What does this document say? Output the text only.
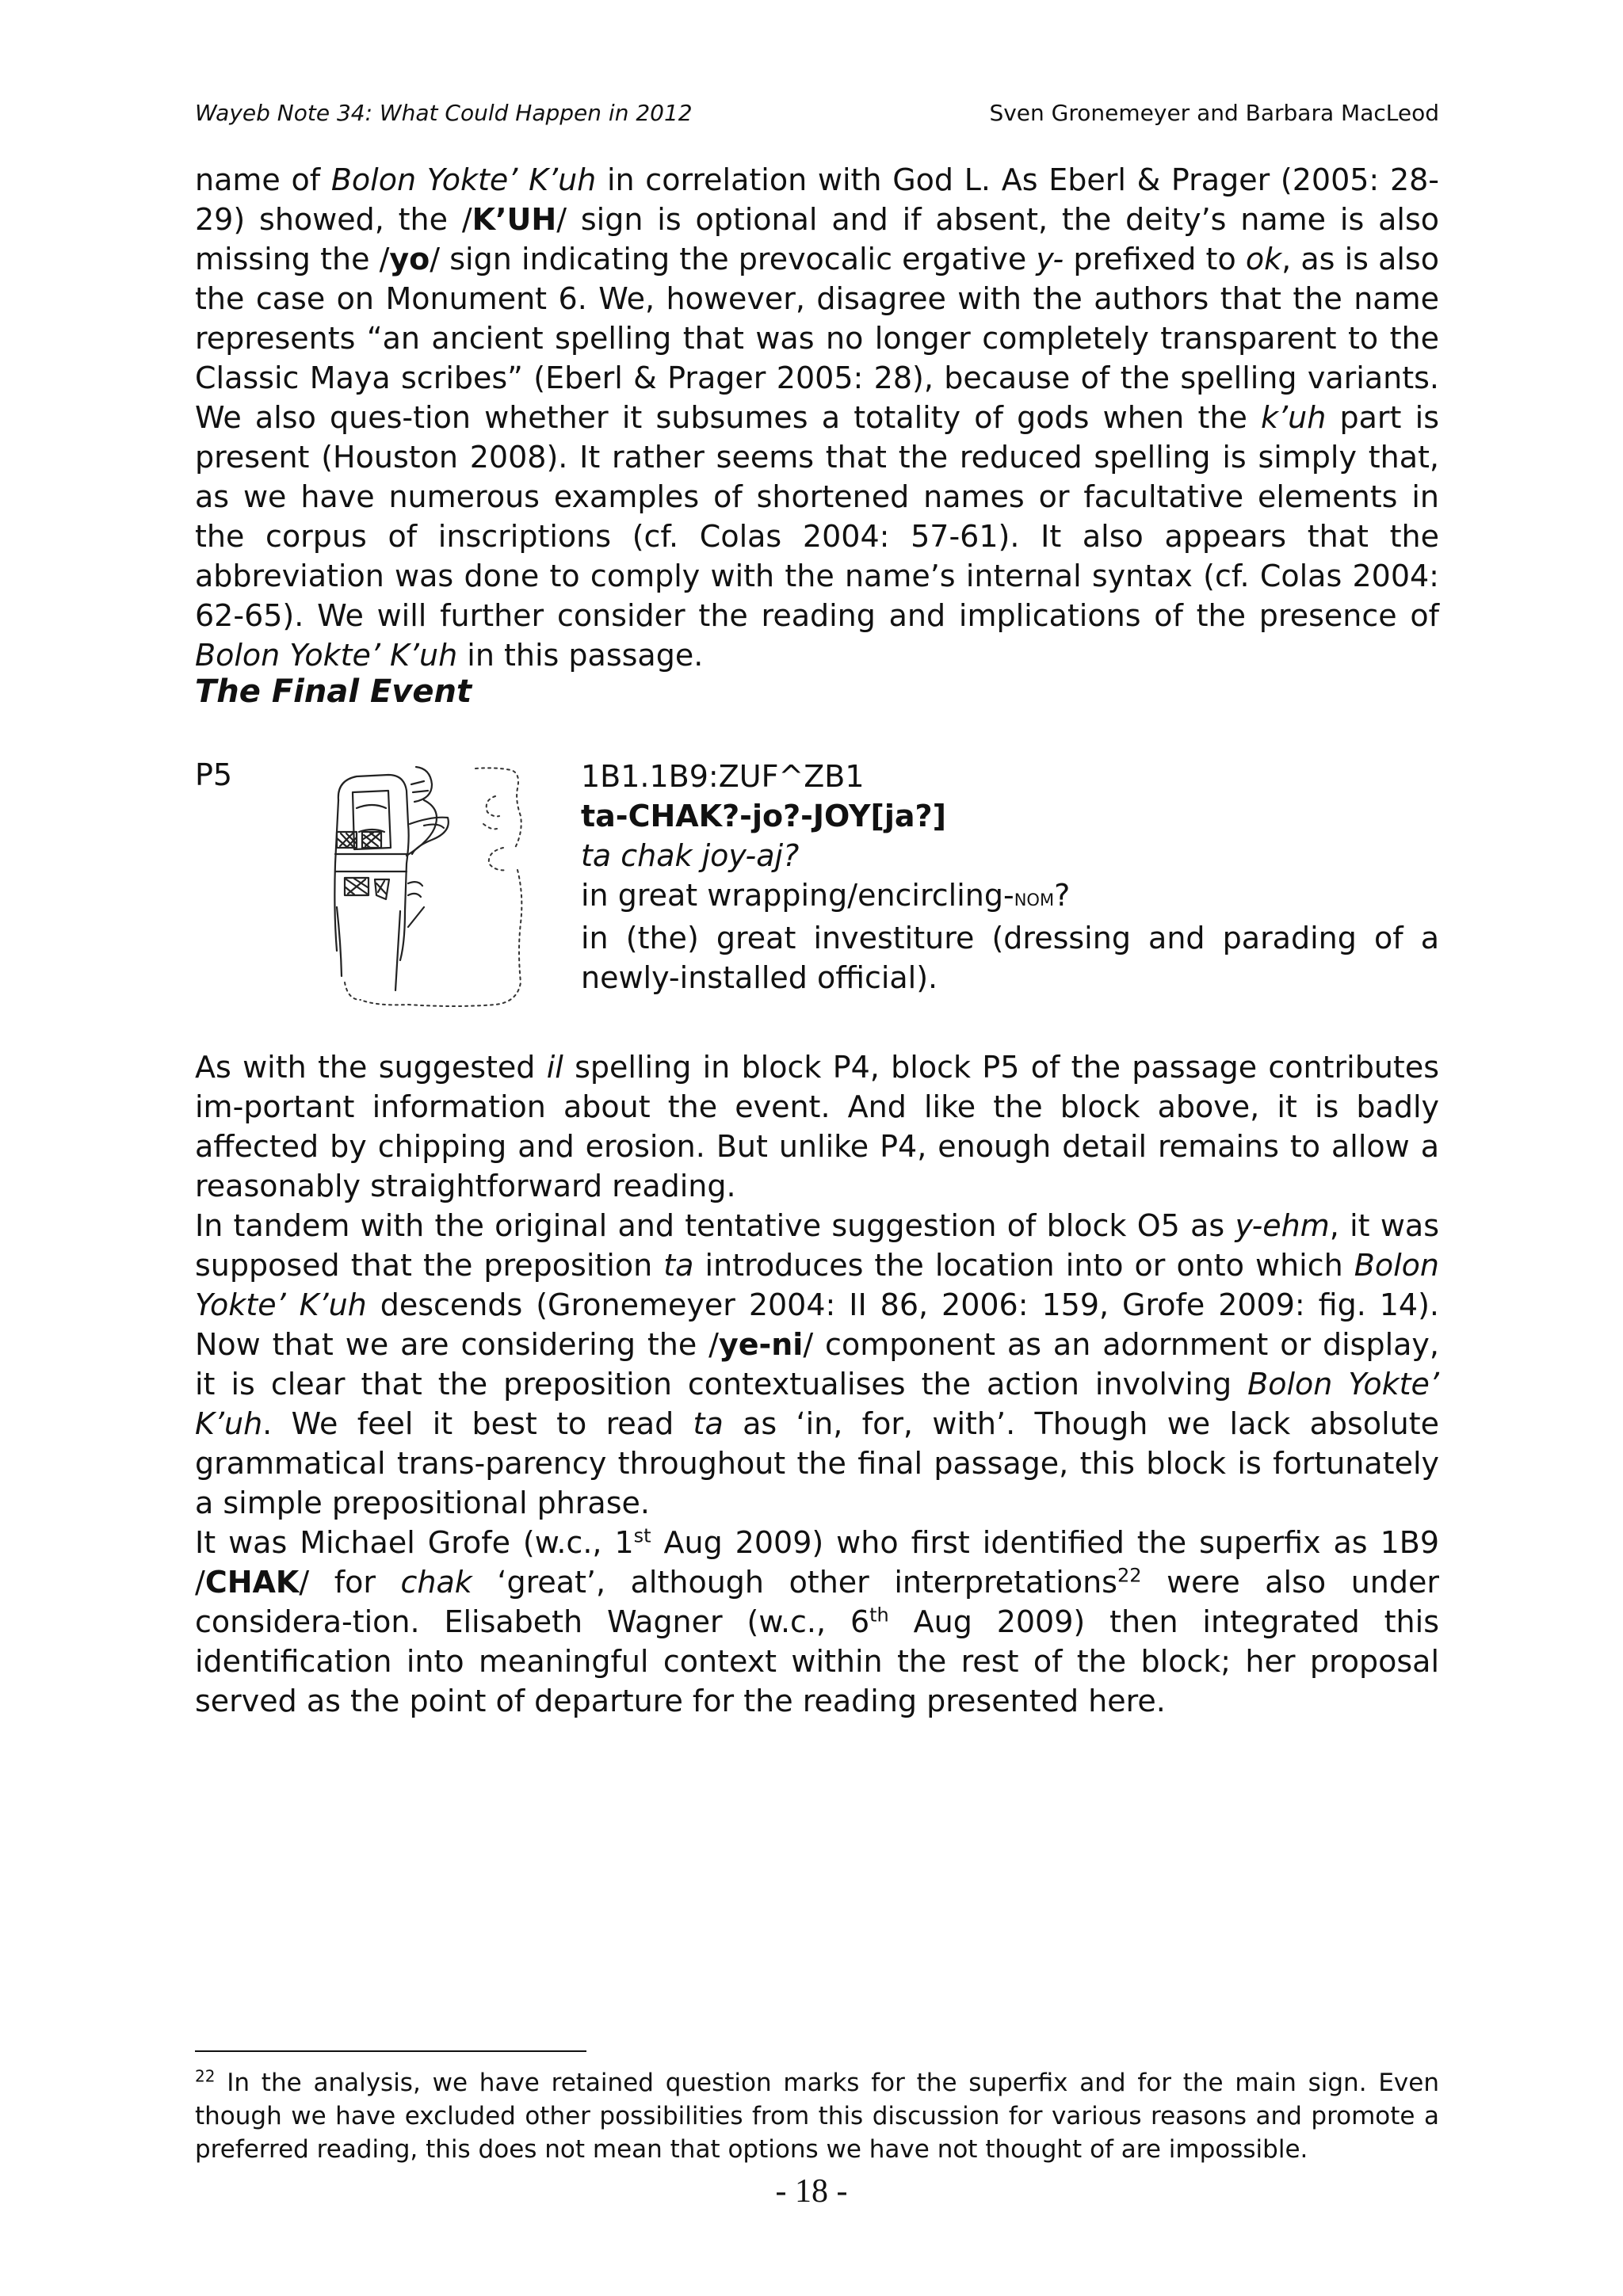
Wayeb Note 34: What Could Happen in 2012	Sven Gronemeyer and Barbara MacLeod

name of Bolon Yokte’ K’uh in correlation with God L. As Eberl & Prager (2005: 28-29) showed, the /K’UH/ sign is optional and if absent, the deity’s name is also missing the /yo/ sign indicating the prevocalic ergative y- prefixed to ok, as is also the case on Monument 6. We, however, disagree with the authors that the name represents “an ancient spelling that was no longer completely transparent to the Classic Maya scribes” (Eberl & Prager 2005: 28), because of the spelling variants. We also ques-tion whether it subsumes a totality of gods when the k’uh part is present (Houston 2008). It rather seems that the reduced spelling is simply that, as we have numerous examples of shortened names or facultative elements in the corpus of inscriptions (cf. Colas 2004: 57-61). It also appears that the abbreviation was done to comply with the name’s internal syntax (cf. Colas 2004: 62-65). We will further consider the reading and implications of the presence of Bolon Yokte’ K’uh in this passage.

The Final Event
P5	1B1.1B9:ZUF^ZB1
ta-CHAK?-jo?-JOY[ja?]
ta chak joy-aj?
in great wrapping/encircling-nom?
in (the) great investiture (dressing and parading of a
newly-installed official).

As with the suggested il spelling in block P4, block P5 of the passage contributes im-portant information about the event. And like the block above, it is badly affected by chipping and erosion. But unlike P4, enough detail remains to allow a reasonably straightforward reading.

In tandem with the original and tentative suggestion of block O5 as y-ehm, it was supposed that the preposition ta introduces the location into or onto which Bolon Yokte’ K’uh descends (Gronemeyer 2004: II 86, 2006: 159, Grofe 2009: fig. 14). Now that we are considering the /ye-ni/ component as an adornment or display, it is clear that the preposition contextualises the action involving Bolon Yokte’ K’uh. We feel it best to read ta as ‘in, for, with’. Though we lack absolute grammatical trans-parency throughout the final passage, this block is fortunately a simple prepositional phrase.

It was Michael Grofe (w.c., 1st Aug 2009) who first identified the superfix as 1B9 /CHAK/ for chak ‘great’, although other interpretations$^{22}$ were also under considera-tion. Elisabeth Wagner (w.c., 6th Aug 2009) then integrated this identification into meaningful context within the rest of the block; her proposal served as the point of departure for the reading presented here.

$^{22}$ In the analysis, we have retained question marks for the superfix and for the main sign. Even though we have excluded other possibilities from this discussion for various reasons and promote a preferred reading, this does not mean that options we have not thought of are impossible.
- 18 -
